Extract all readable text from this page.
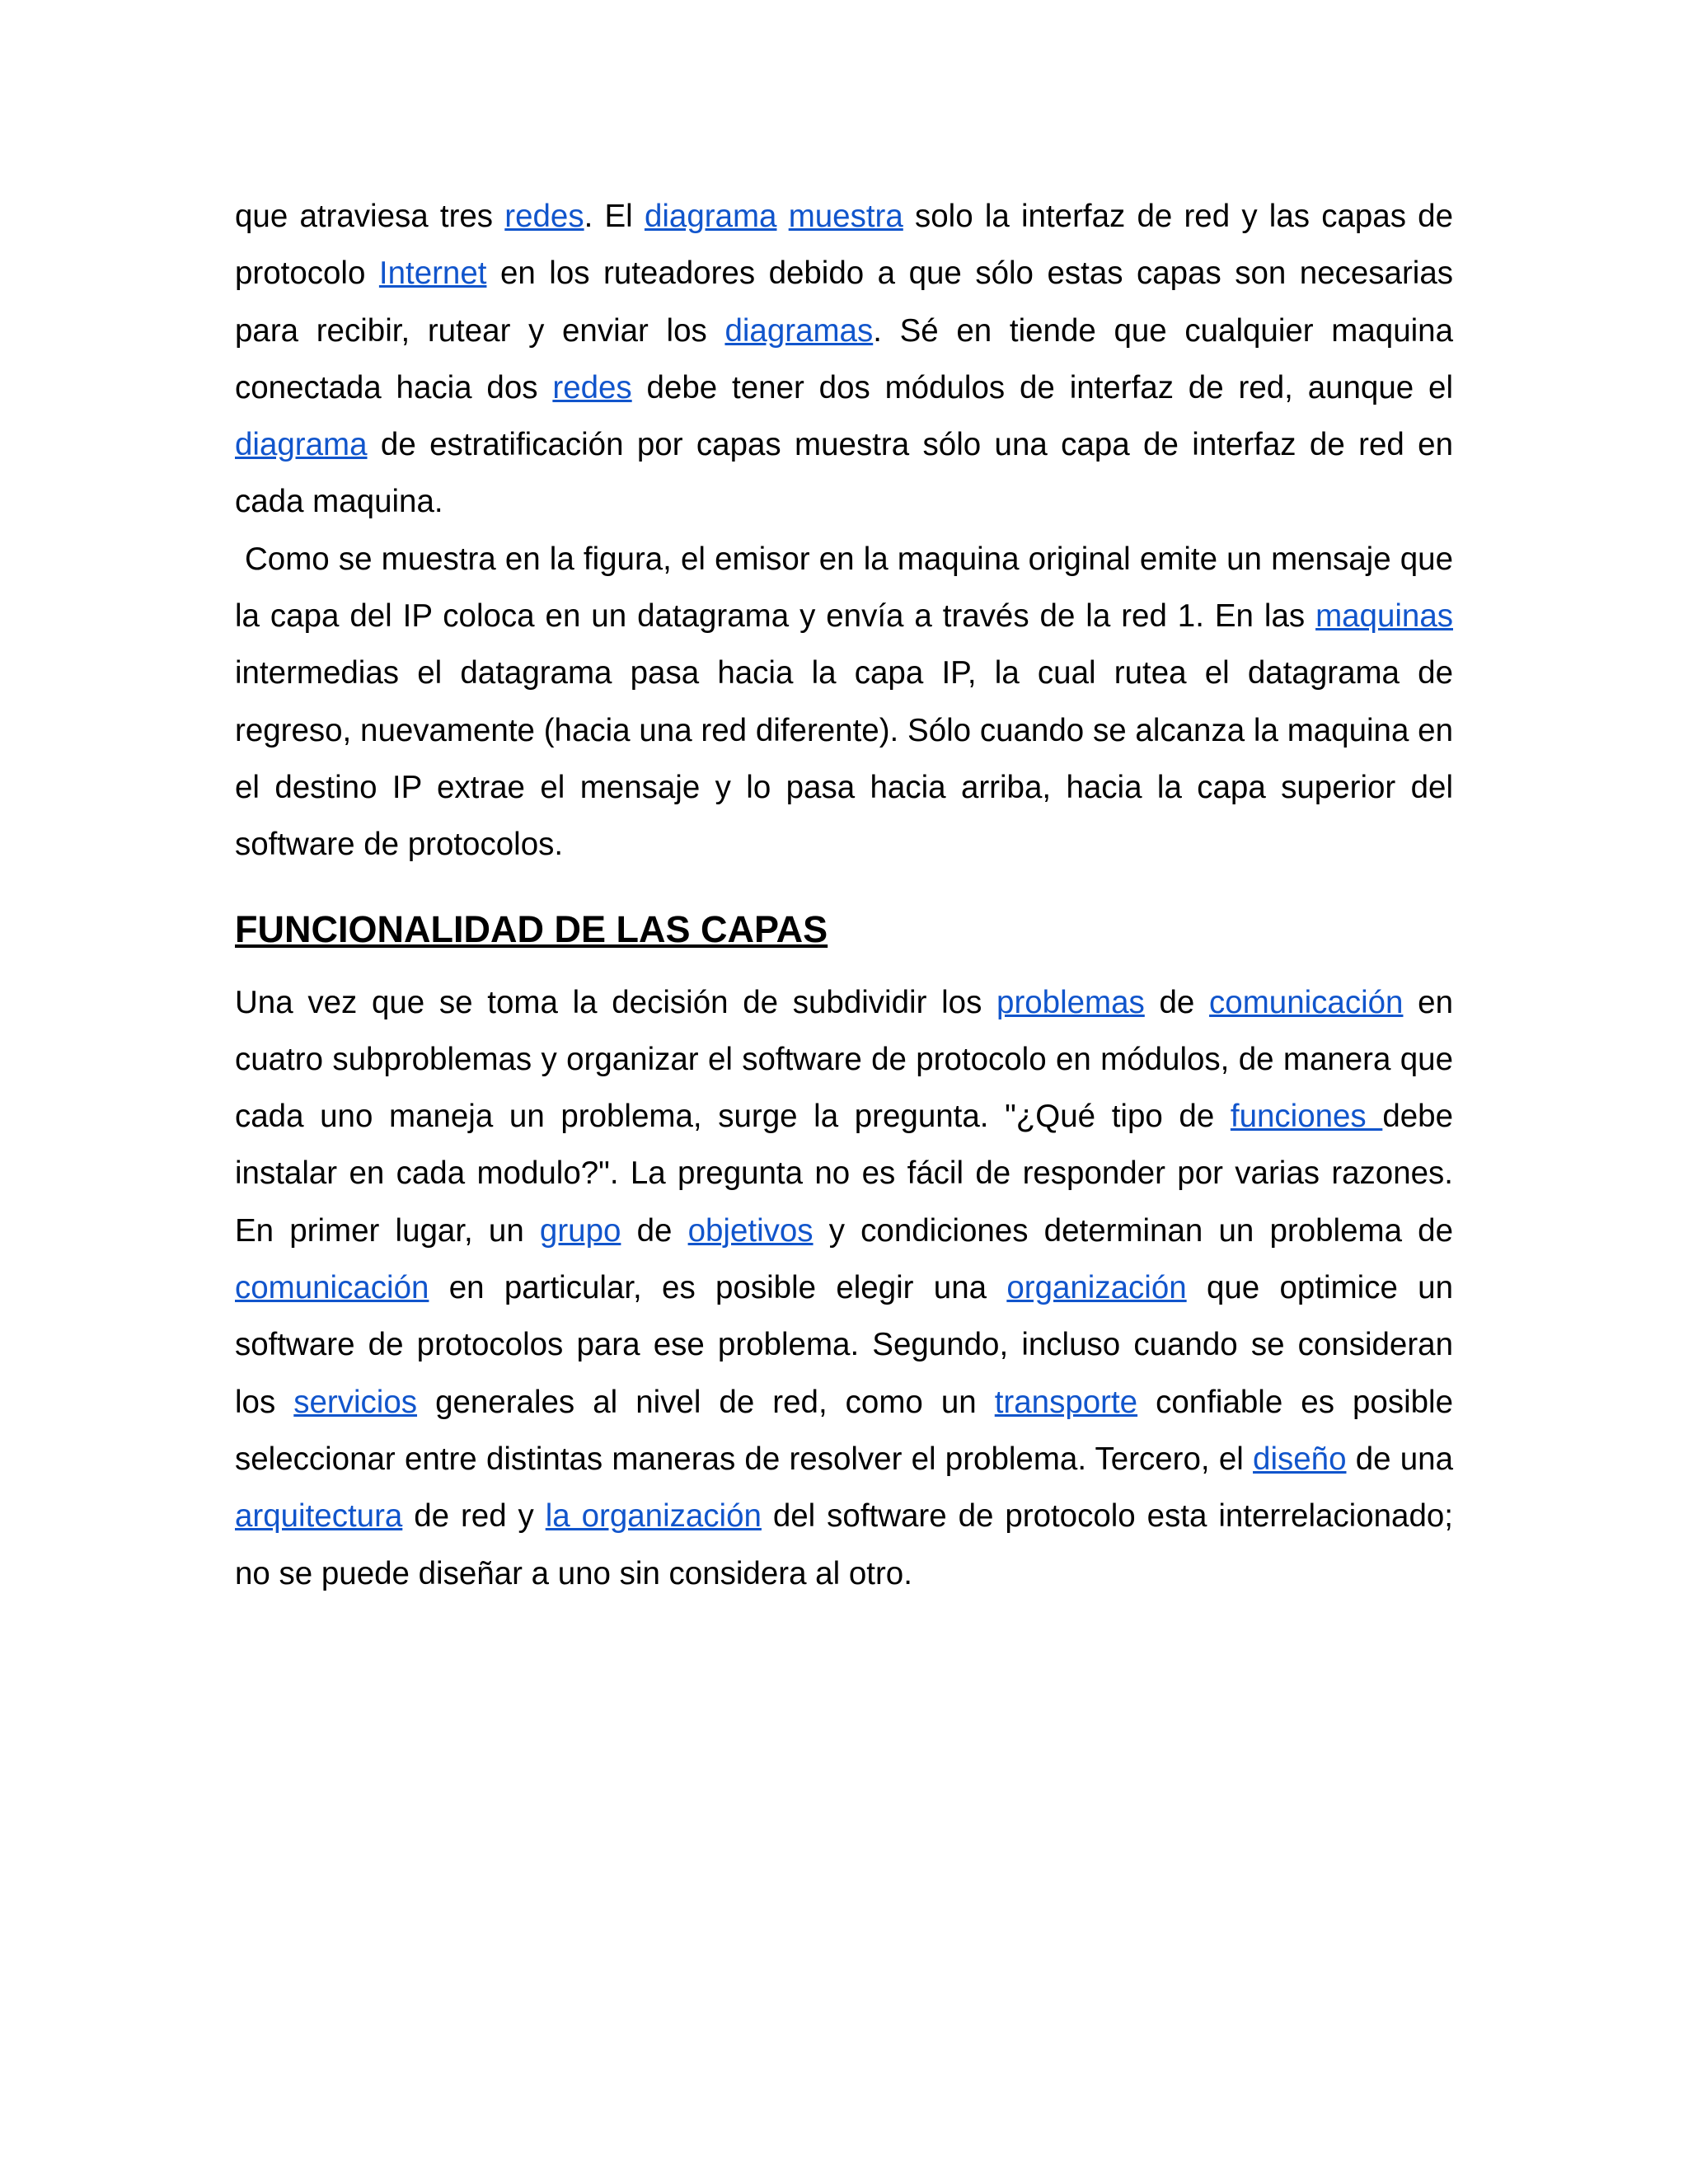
que atraviesa tres redes. El diagrama muestra solo la interfaz de red y las capas de protocolo Internet en los ruteadores debido a que sólo estas capas son necesarias para recibir, rutear y enviar los diagramas. Sé en tiende que cualquier maquina conectada hacia dos redes debe tener dos módulos de interfaz de red, aunque el diagrama de estratificación por capas muestra sólo una capa de interfaz de red en cada maquina.

Como se muestra en la figura, el emisor en la maquina original emite un mensaje que la capa del IP coloca en un datagrama y envía a través de la red 1. En las maquinas intermedias el datagrama pasa hacia la capa IP, la cual rutea el datagrama de regreso, nuevamente (hacia una red diferente). Sólo cuando se alcanza la maquina en el destino IP extrae el mensaje y lo pasa hacia arriba, hacia la capa superior del software de protocolos.

FUNCIONALIDAD DE LAS CAPAS

Una vez que se toma la decisión de subdividir los problemas de comunicación en cuatro subproblemas y organizar el software de protocolo en módulos, de manera que cada uno maneja un problema, surge la pregunta. "¿Qué tipo de funciones debe instalar en cada modulo?". La pregunta no es fácil de responder por varias razones. En primer lugar, un grupo de objetivos y condiciones determinan un problema de comunicación en particular, es posible elegir una organización que optimice un software de protocolos para ese problema. Segundo, incluso cuando se consideran los servicios generales al nivel de red, como un transporte confiable es posible seleccionar entre distintas maneras de resolver el problema. Tercero, el diseño de una arquitectura de red y la organización del software de protocolo esta interrelacionado; no se puede diseñar a uno sin considera al otro.
